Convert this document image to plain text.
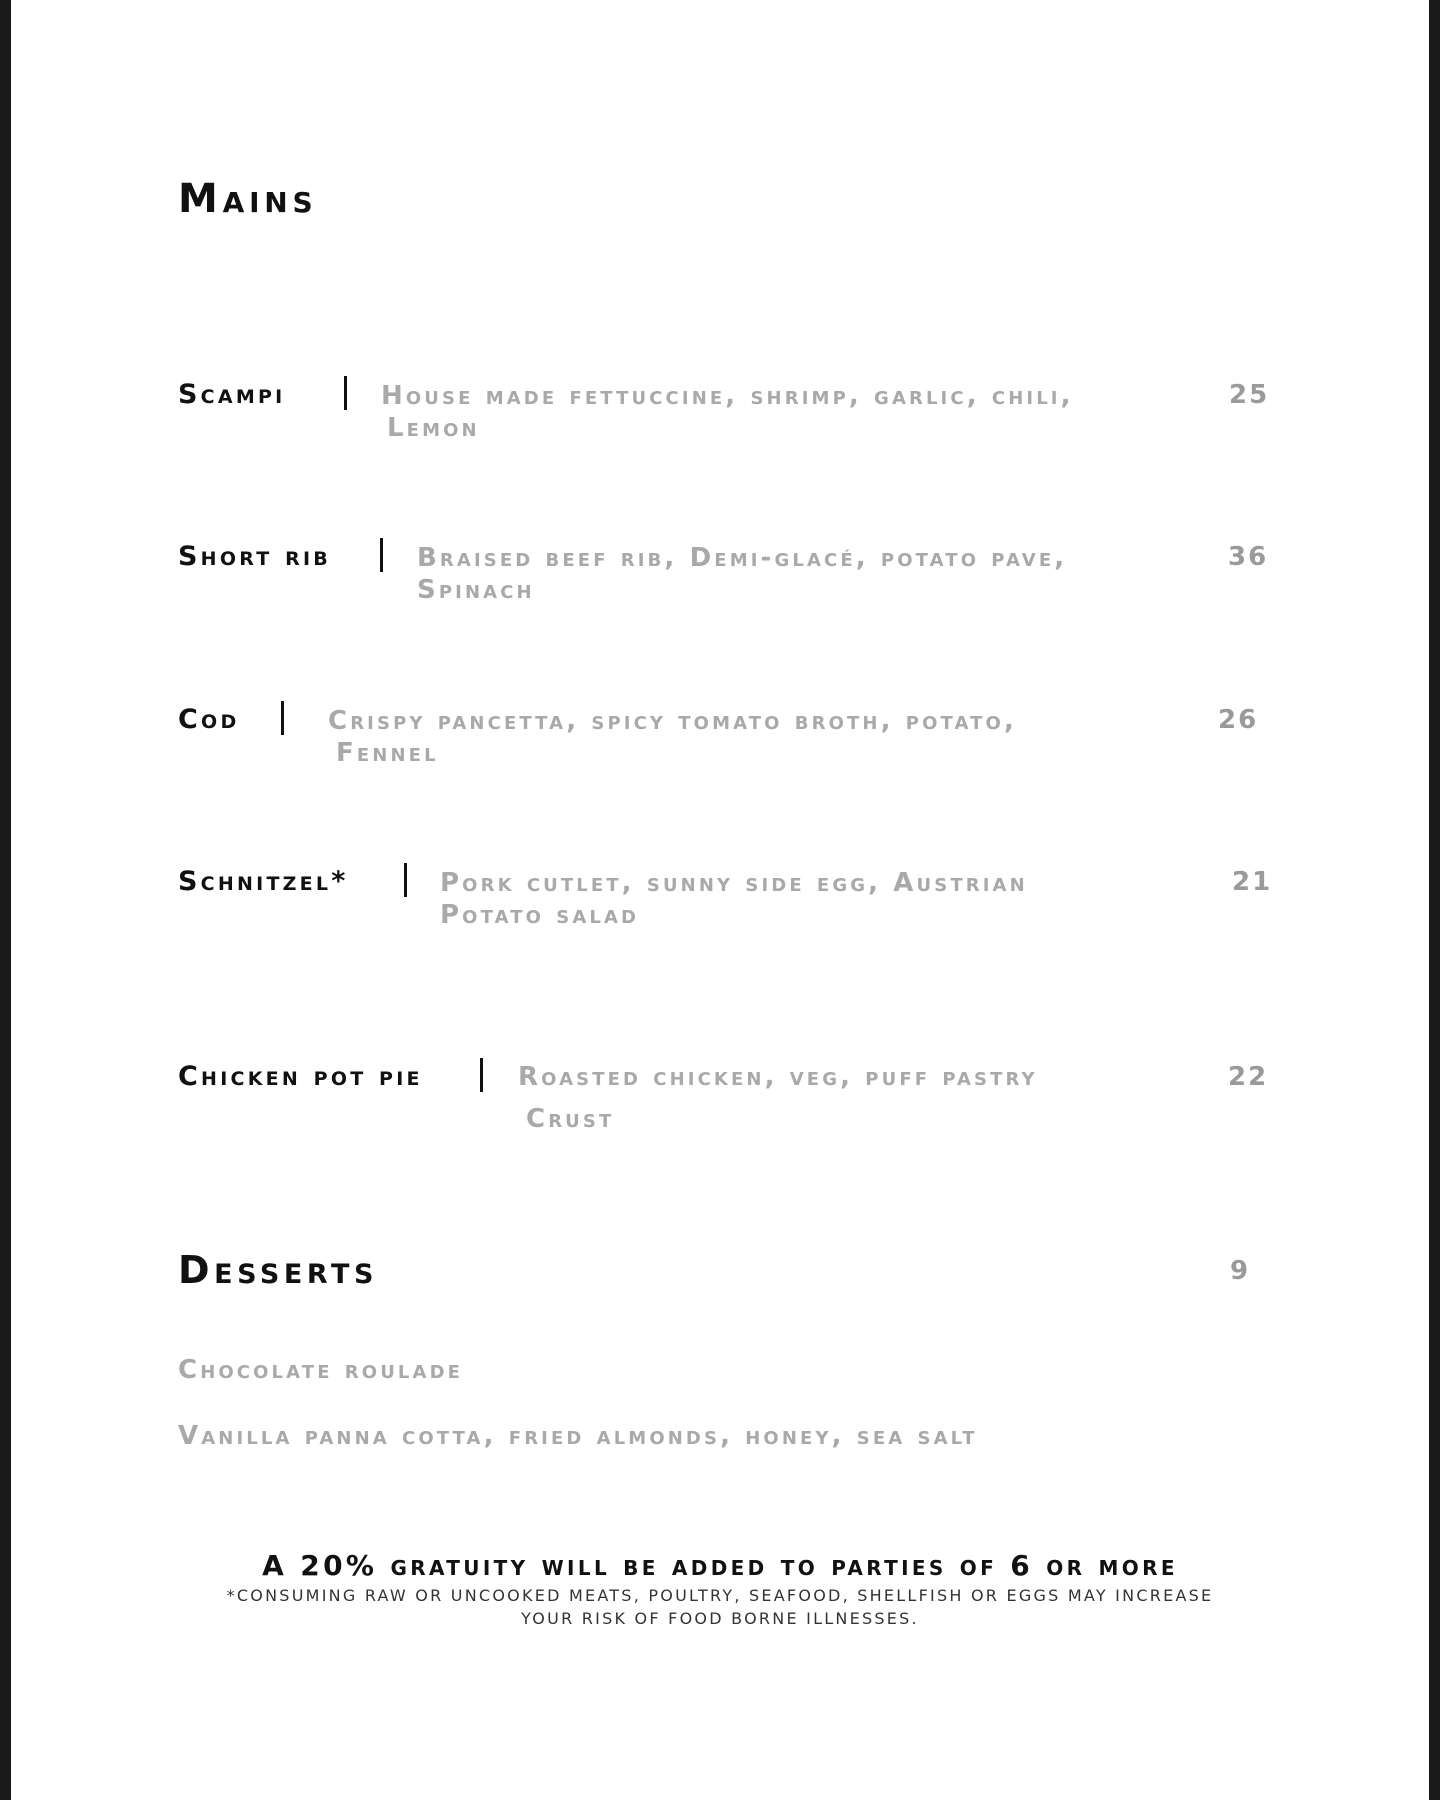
Mains
Scampi	House made fettuccine, shrimp, garlic, chili,
Lemon
25
Short rib	Braised beef rib, Demi-glacé, potato pave,
Spinach
36
Cod	Crispy pancetta, spicy tomato broth, potato,
Fennel
26
Schnitzel*	Pork cutlet, sunny side egg, Austrian
Potato salad
21
Chicken pot pie	Roasted chicken, veg, puff pastry
Crust
22
Desserts	9
Chocolate roulade
Vanilla panna cotta, fried almonds, honey, sea salt
A 20% gratuity will be added to parties of 6 or more
*CONSUMING RAW OR UNCOOKED MEATS, POULTRY, SEAFOOD, SHELLFISH OR EGGS MAY INCREASE
YOUR RISK OF FOOD BORNE ILLNESSES.
